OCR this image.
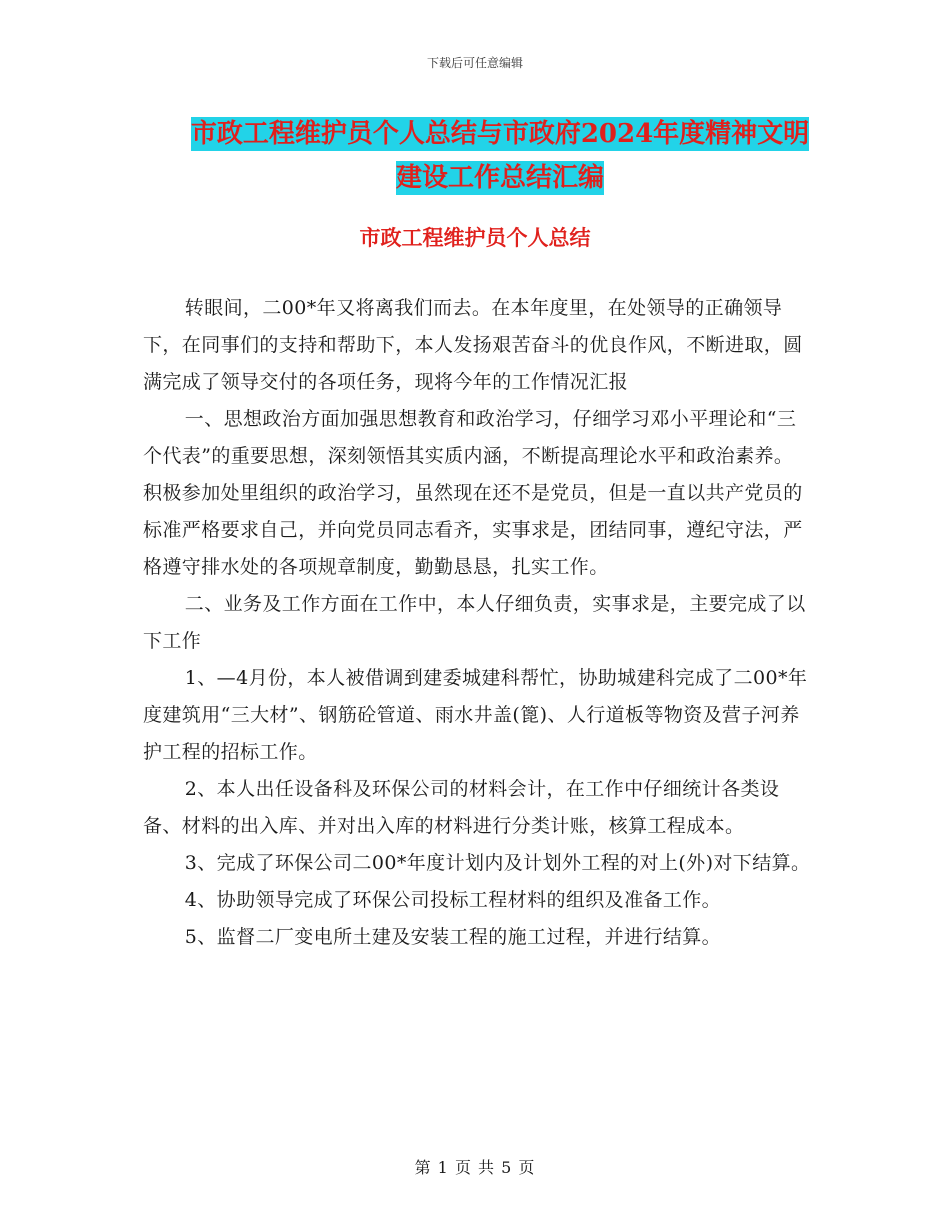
下载后可任意编辑
市政工程维护员个人总结与市政府2024年度精神文明
建设工作总结汇编
市政工程维护员个人总结

转眼间，二00*年又将离我们而去。在本年度里，在处领导的正确领导下，在同事们的支持和帮助下，本人发扬艰苦奋斗的优良作风，不断进取，圆满完成了领导交付的各项任务，现将今年的工作情况汇报

一、思想政治方面加强思想教育和政治学习，仔细学习邓小平理论和“三个代表”的重要思想，深刻领悟其实质内涵，不断提高理论水平和政治素养。积极参加处里组织的政治学习，虽然现在还不是党员，但是一直以共产党员的标准严格要求自己，并向党员同志看齐，实事求是，团结同事，遵纪守法，严格遵守排水处的各项规章制度，勤勤恳恳，扎实工作。

二、业务及工作方面在工作中，本人仔细负责，实事求是，主要完成了以下工作

1、—4月份，本人被借调到建委城建科帮忙，协助城建科完成了二00*年度建筑用“三大材”、钢筋砼管道、雨水井盖(篦)、人行道板等物资及营子河养护工程的招标工作。

2、本人出任设备科及环保公司的材料会计，在工作中仔细统计各类设备、材料的出入库、并对出入库的材料进行分类计账，核算工程成本。

3、完成了环保公司二00*年度计划内及计划外工程的对上(外)对下结算。

4、协助领导完成了环保公司投标工程材料的组织及准备工作。

5、监督二厂变电所土建及安装工程的施工过程，并进行结算。

第 1 页 共 5 页
